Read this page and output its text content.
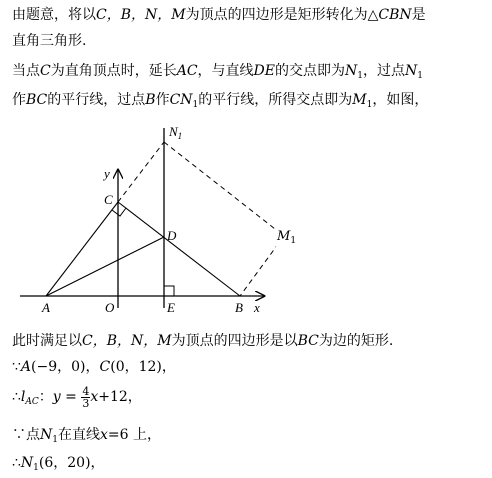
由题意，将以C，B，N，M为顶点的四边形是矩形转化为△CBN是
直角三角形.
当点C为直角顶点时，延长AC，与直线DE的交点即为$N_1$，过点$N_1$
作BC的平行线，过点B作$CN_1$的平行线，所得交点即为$M_1$，如图，
y
x
C
D
A	O	E	B
$N_1$
$M_1$
此时满足以C，B，N，M为顶点的四边形是以BC为边的矩形.
∵A(−9，0)，C(0，12)，
$\therefore l_{AC}$：$y = \frac{4}{3} x+12$，
∵点$N_1$在直线x=6 上，
$\therefore N_1(6$，20)，
